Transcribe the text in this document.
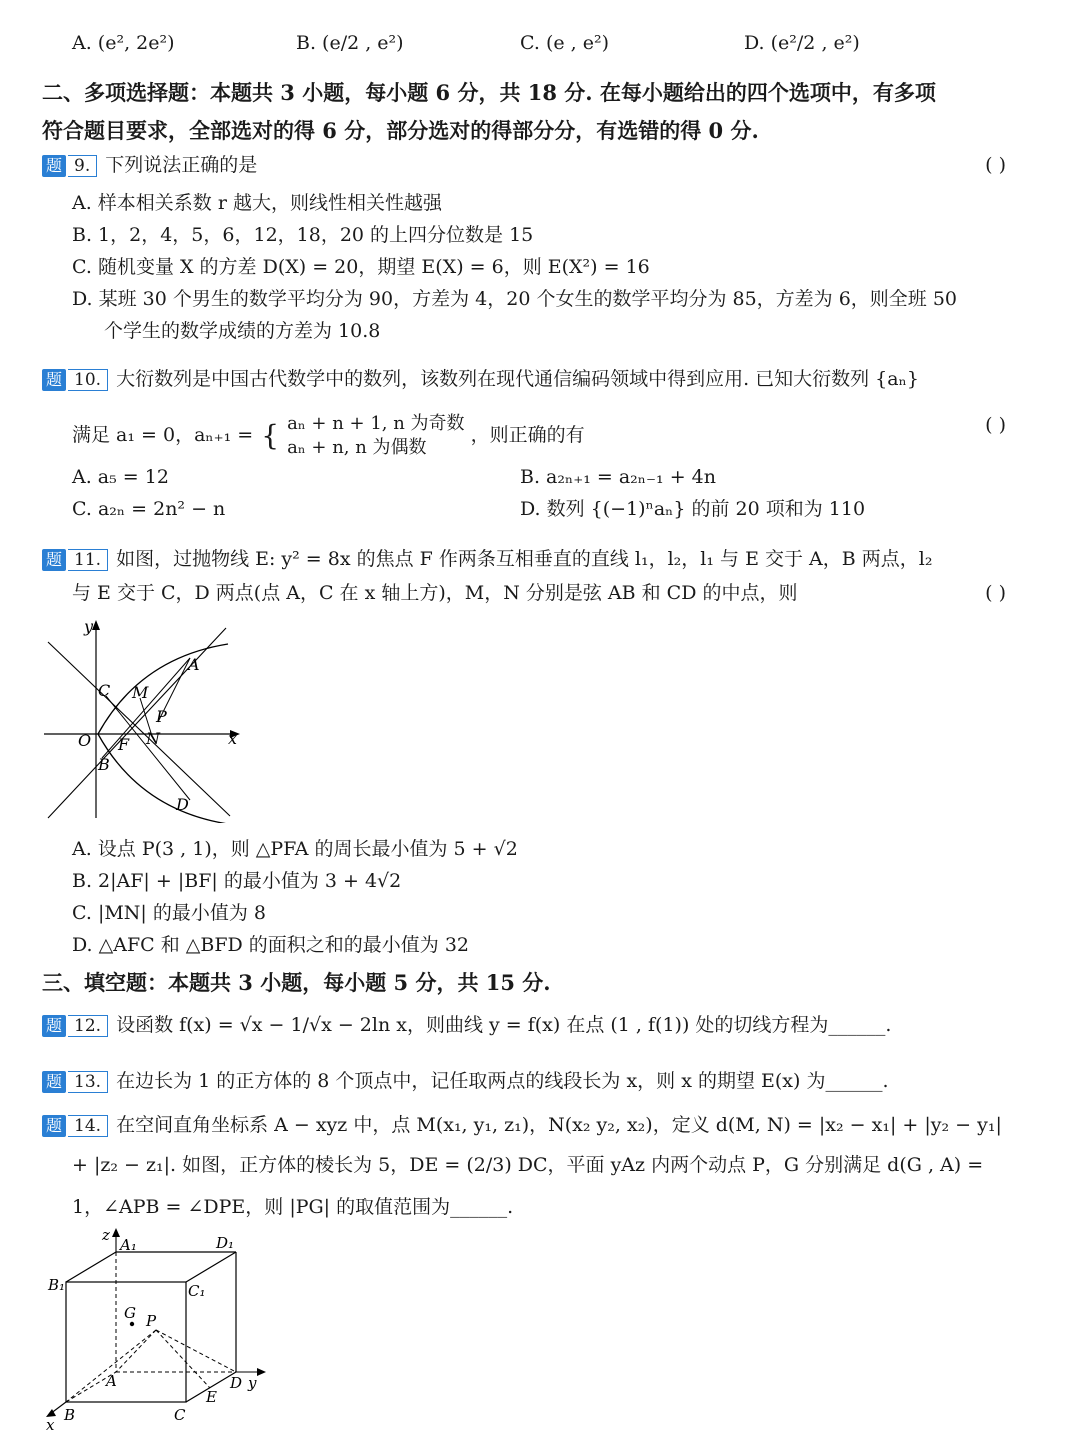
A. (e², 2e²)	B. (e/2 , e²)	C. (e , e²)	D. (e²/2 , e²)
二、多项选择题：本题共 3 小题，每小题 6 分，共 18 分. 在每小题给出的四个选项中，有多项
符合题目要求，全部选对的得 6 分，部分选对的得部分分，有选错的得 0 分.
题 9. 下列说法正确的是	( )
A. 样本相关系数 r 越大，则线性相关性越强
B. 1，2，4，5，6，12，18，20 的上四分位数是 15
C. 随机变量 X 的方差 D(X) = 20，期望 E(X) = 6，则 E(X²) = 16
D. 某班 30 个男生的数学平均分为 90，方差为 4，20 个女生的数学平均分为 85，方差为 6，则全班 50
个学生的数学成绩的方差为 10.8
题 10. 大衍数列是中国古代数学中的数列，该数列在现代通信编码领域中得到应用. 已知大衍数列 {aₙ}
满足 a₁ = 0，aₙ₊₁ = { aₙ + n + 1, n 为奇数
aₙ + n, n 为偶数
，则正确的有	( )
A. a₅ = 12	B. a₂ₙ₊₁ = a₂ₙ₋₁ + 4n
C. a₂ₙ = 2n² − n	D. 数列 {(−1)ⁿaₙ} 的前 20 项和为 110
题 11. 如图，过抛物线 E: y² = 8x 的焦点 F 作两条互相垂直的直线 l₁，l₂，l₁ 与 E 交于 A，B 两点，l₂
与 E 交于 C，D 两点(点 A，C 在 x 轴上方)，M，N 分别是弦 AB 和 CD 的中点，则	( )
y
x
O
A
B
C
D
M
N
P
F
A. 设点 P(3 , 1)，则 △PFA 的周长最小值为 5 + √2
B. 2|AF| + |BF| 的最小值为 3 + 4√2
C. |MN| 的最小值为 8
D. △AFC 和 △BFD 的面积之和的最小值为 32
三、填空题：本题共 3 小题，每小题 5 分，共 15 分.
题 12. 设函数 f(x) = √x − 1/√x − 2ln x，则曲线 y = f(x) 在点 (1 , f(1)) 处的切线方程为______.
题 13. 在边长为 1 的正方体的 8 个顶点中，记任取两点的线段长为 x，则 x 的期望 E(x) 为______.
题 14. 在空间直角坐标系 A − xyz 中，点 M(x₁, y₁, z₁)，N(x₂ y₂, x₂)，定义 d(M, N) = |x₂ − x₁| + |y₂ − y₁|
+ |z₂ − z₁|. 如图，正方体的棱长为 5，DE = (2/3) DC，平面 yAz 内两个动点 P，G 分别满足 d(G , A) =
1，∠APB = ∠DPE，则 |PG| 的取值范围为______.
z
A₁	D₁
B₁	C₁
G P
A	D y
E
B	C
x
